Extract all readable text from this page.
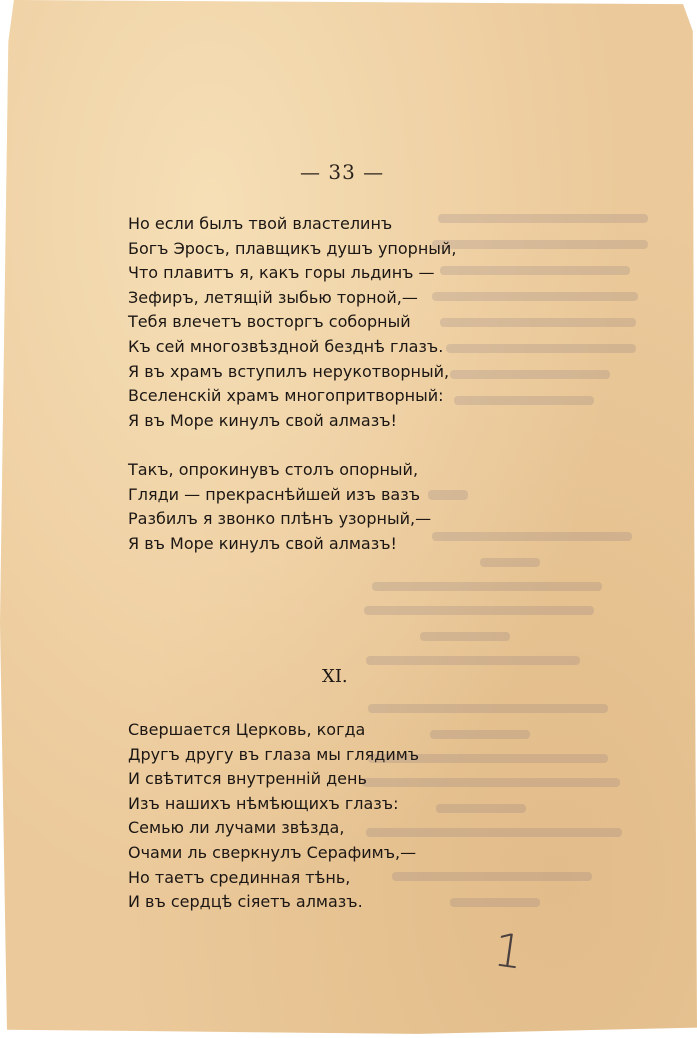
— 33 —
Но если былъ твой властелинъ
Богъ Эросъ, плавщикъ душъ упорный,
Что плавитъ я, какъ горы льдинъ —
Зефиръ, летящій зыбью торной,—
Тебя влечетъ восторгъ соборный
Къ сей многозвѣздной безднѣ глазъ.
Я въ храмъ вступилъ нерукотворный,
Вселенскій храмъ многопритворный:
Я въ Море кинулъ свой алмазъ!
Такъ, опрокинувъ столъ опорный,
Гляди — прекраснѣйшей изъ вазъ
Разбилъ я звонко плѣнъ узорный,—
Я въ Море кинулъ свой алмазъ!
XI.
Свершается Церковь, когда
Другъ другу въ глаза мы глядимъ
И свѣтится внутренній день
Изъ нашихъ нѣмѣющихъ глазъ:
Семью ли лучами звѣзда,
Очами ль сверкнулъ Серафимъ,—
Но таетъ срединная тѣнь,
И въ сердцѣ сіяетъ алмазъ.
1
